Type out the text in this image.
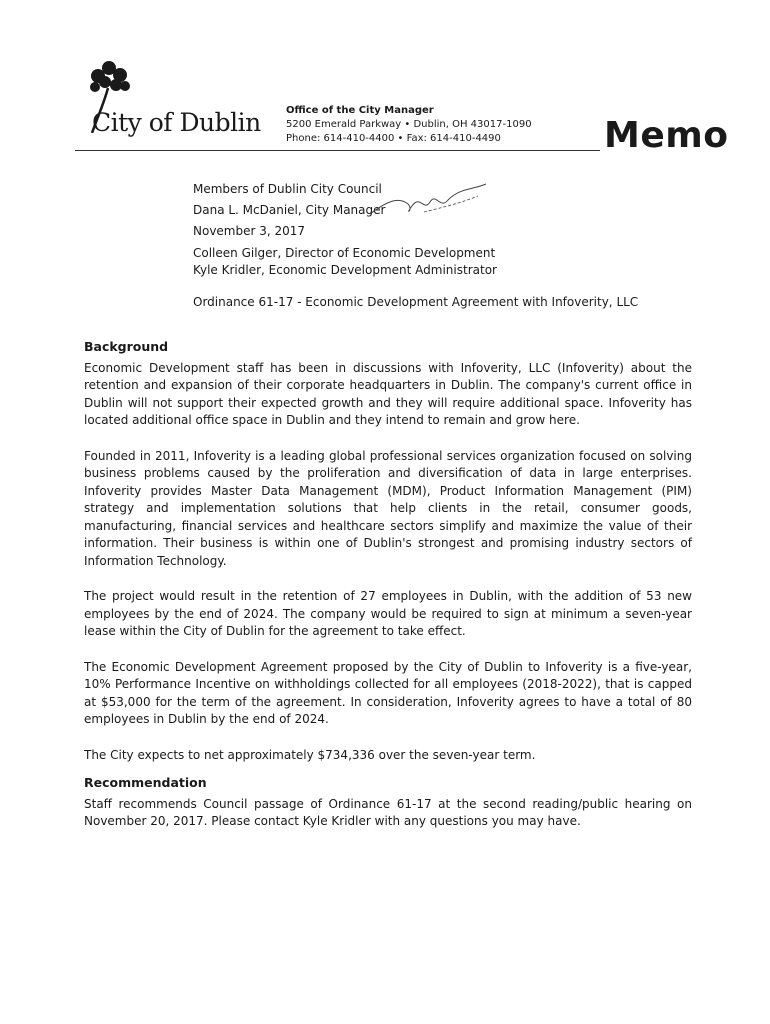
City of Dublin	Office of the City Manager
5200 Emerald Parkway • Dublin, OH 43017-1090
Phone: 614-410-4400 • Fax: 614-410-4490	Memo
Members of Dublin City Council
Dana L. McDaniel, City Manager
November 3, 2017
Colleen Gilger, Director of Economic Development
Kyle Kridler, Economic Development Administrator
Ordinance 61-17 - Economic Development Agreement with Infoverity, LLC
Background

Economic Development staff has been in discussions with Infoverity, LLC (Infoverity) about the retention and expansion of their corporate headquarters in Dublin. The company's current office in Dublin will not support their expected growth and they will require additional space. Infoverity has located additional office space in Dublin and they intend to remain and grow here.

Founded in 2011, Infoverity is a leading global professional services organization focused on solving business problems caused by the proliferation and diversification of data in large enterprises. Infoverity provides Master Data Management (MDM), Product Information Management (PIM) strategy and implementation solutions that help clients in the retail, consumer goods, manufacturing, financial services and healthcare sectors simplify and maximize the value of their information. Their business is within one of Dublin's strongest and promising industry sectors of Information Technology.

The project would result in the retention of 27 employees in Dublin, with the addition of 53 new employees by the end of 2024. The company would be required to sign at minimum a seven-year lease within the City of Dublin for the agreement to take effect.

The Economic Development Agreement proposed by the City of Dublin to Infoverity is a five-year, 10% Performance Incentive on withholdings collected for all employees (2018-2022), that is capped at $53,000 for the term of the agreement. In consideration, Infoverity agrees to have a total of 80 employees in Dublin by the end of 2024.

The City expects to net approximately $734,336 over the seven-year term.

Recommendation

Staff recommends Council passage of Ordinance 61-17 at the second reading/public hearing on November 20, 2017. Please contact Kyle Kridler with any questions you may have.
